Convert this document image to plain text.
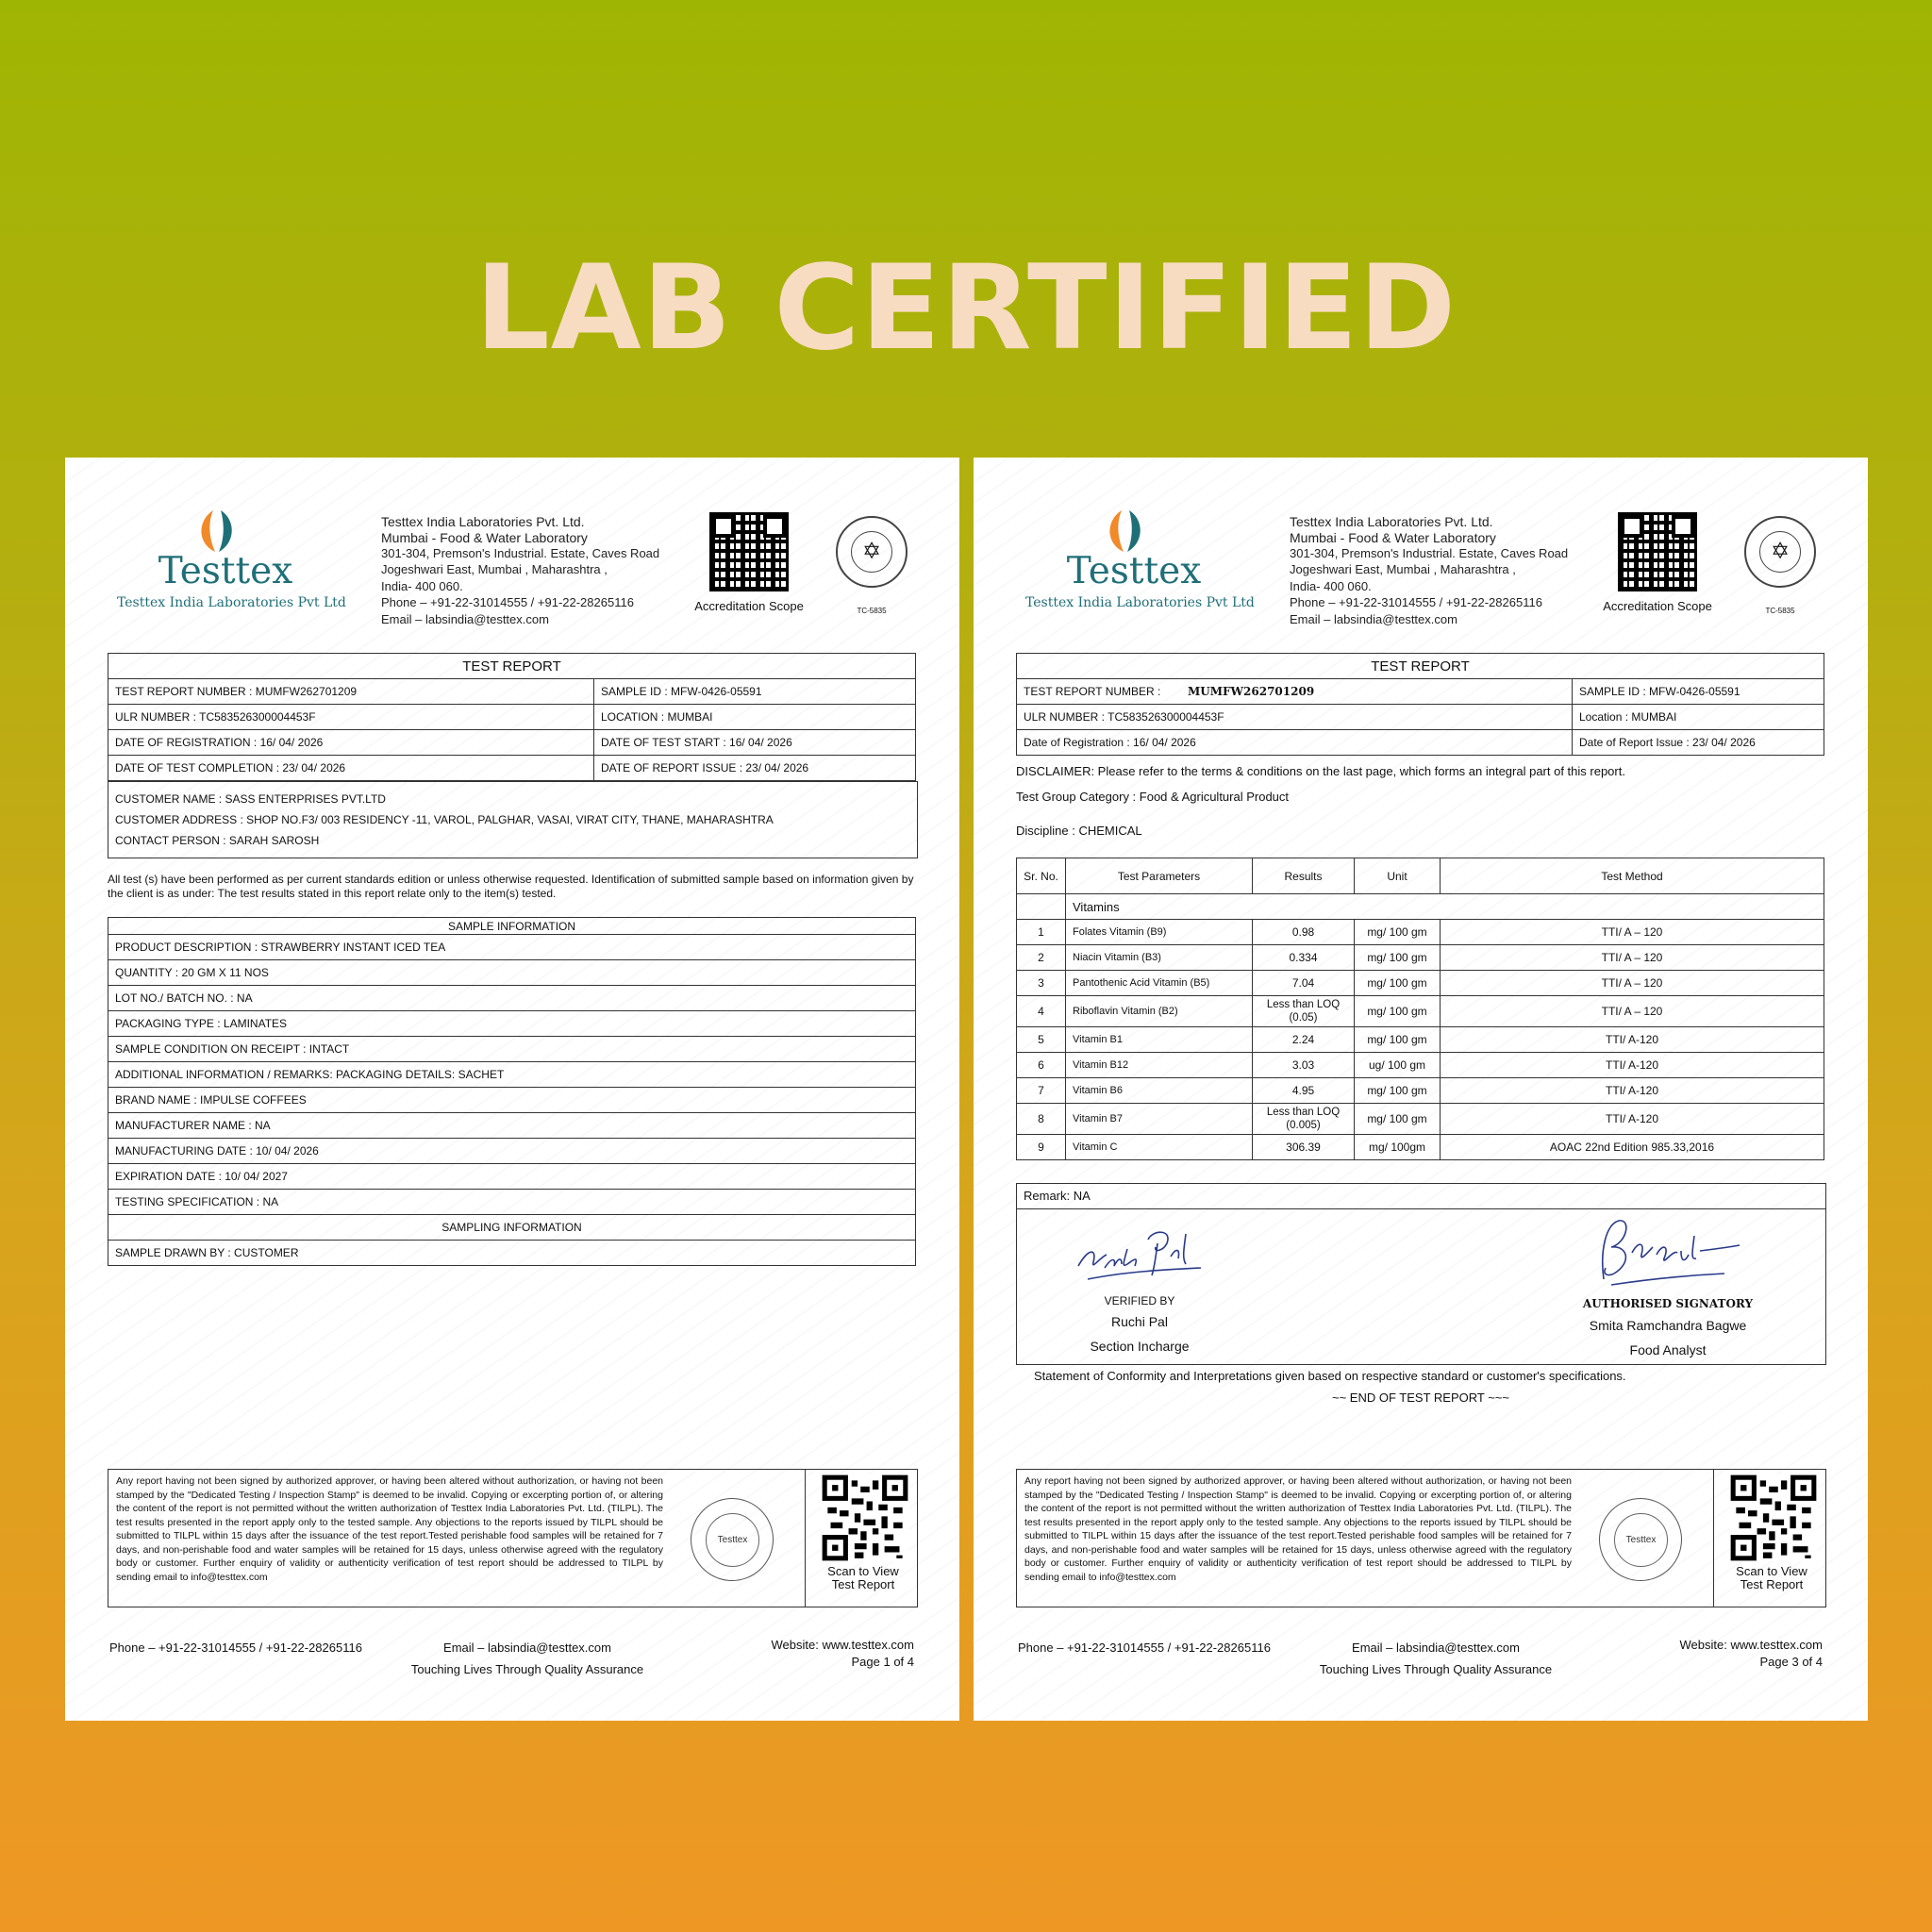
LAB CERTIFIED
Testtex
Testtex India Laboratories Pvt Ltd
Testtex India Laboratories Pvt. Ltd.
Mumbai - Food & Water Laboratory
301-304, Premson's Industrial. Estate, Caves Road
Jogeshwari East, Mumbai , Maharashtra ,
India- 400 060.
Phone – +91-22-31014555 / +91-22-28265116
Email – labsindia@testtex.com
Accreditation Scope
✡
TC-5835
TEST REPORT	
TEST REPORT NUMBER : MUMFW262701209	SAMPLE ID : MFW-0426-05591
ULR NUMBER : TC583526300004453F	LOCATION : MUMBAI
DATE OF REGISTRATION : 16/ 04/ 2026	DATE OF TEST START : 16/ 04/ 2026
DATE OF TEST COMPLETION : 23/ 04/ 2026	DATE OF REPORT ISSUE : 23/ 04/ 2026
CUSTOMER NAME : SASS ENTERPRISES PVT.LTD
CUSTOMER ADDRESS : SHOP NO.F3/ 003 RESIDENCY -11, VAROL, PALGHAR, VASAI, VIRAT CITY, THANE, MAHARASHTRA
CONTACT PERSON : SARAH SAROSH
All test (s) have been performed as per current standards edition or unless otherwise requested. Identification of submitted sample based on information given by the client is as under: The test results stated in this report relate only to the item(s) tested.
SAMPLE INFORMATION
PRODUCT DESCRIPTION : STRAWBERRY INSTANT ICED TEA
QUANTITY : 20 GM X 11 NOS
LOT NO./ BATCH NO. : NA
PACKAGING TYPE : LAMINATES
SAMPLE CONDITION ON RECEIPT : INTACT
ADDITIONAL INFORMATION / REMARKS: PACKAGING DETAILS: SACHET
BRAND NAME : IMPULSE COFFEES
MANUFACTURER NAME : NA
MANUFACTURING DATE : 10/ 04/ 2026
EXPIRATION DATE : 10/ 04/ 2027
TESTING SPECIFICATION : NA
SAMPLING INFORMATION
SAMPLE DRAWN BY : CUSTOMER
Any report having not been signed by authorized approver, or having been altered without authorization, or having not been stamped by the "Dedicated Testing / Inspection Stamp" is deemed to be invalid. Copying or excerpting portion of, or altering the content of the report is not permitted without the written authorization of Testtex India Laboratories Pvt. Ltd. (TILPL). The test results presented in the report apply only to the tested sample. Any objections to the reports issued by TILPL should be submitted to TILPL within 15 days after the issuance of the test report.Tested perishable food samples will be retained for 7 days, and non-perishable food and water samples will be retained for 15 days, unless otherwise agreed with the regulatory body or customer. Further enquiry of validity or authenticity verification of test report should be addressed to TILPL by sending email to info@testtex.com
Testtex
Scan to View
Test Report
Phone – +91-22-31014555 / +91-22-28265116	Email – labsindia@testtex.com
Touching Lives Through Quality Assurance
Website: www.testtex.com
Page 1 of 4
Testtex
Testtex India Laboratories Pvt Ltd
Testtex India Laboratories Pvt. Ltd.
Mumbai - Food & Water Laboratory
301-304, Premson's Industrial. Estate, Caves Road
Jogeshwari East, Mumbai , Maharashtra ,
India- 400 060.
Phone – +91-22-31014555 / +91-22-28265116
Email – labsindia@testtex.com
Accreditation Scope
✡
TC-5835
TEST REPORT		
TEST REPORT NUMBER :	MUMFW262701209	SAMPLE ID : MFW-0426-05591
ULR NUMBER : TC583526300004453F		Location : MUMBAI
Date of Registration : 16/ 04/ 2026		Date of Report Issue : 23/ 04/ 2026
DISCLAIMER: Please refer to the terms & conditions on the last page, which forms an integral part of this report.
Test Group Category : Food & Agricultural Product
Discipline : CHEMICAL
Sr. No.	Test Parameters	Results	Unit	Test Method
	Vitamins			
1	Folates Vitamin (B9)	0.98	mg/ 100 gm	TTI/ A – 120
2	Niacin Vitamin (B3)	0.334	mg/ 100 gm	TTI/ A – 120
3	Pantothenic Acid Vitamin (B5)	7.04	mg/ 100 gm	TTI/ A – 120
4	Riboflavin Vitamin (B2)	Less than LOQ (0.05)	mg/ 100 gm	TTI/ A – 120
5	Vitamin B1	2.24	mg/ 100 gm	TTI/ A-120
6	Vitamin B12	3.03	ug/ 100 gm	TTI/ A-120
7	Vitamin B6	4.95	mg/ 100 gm	TTI/ A-120
8	Vitamin B7	Less than LOQ (0.005)	mg/ 100 gm	TTI/ A-120
9	Vitamin C	306.39	mg/ 100gm	AOAC 22nd Edition 985.33,2016
Remark: NA
VERIFIED BY
Ruchi Pal
Section Incharge
AUTHORISED SIGNATORY
Smita Ramchandra Bagwe
Food Analyst
Statement of Conformity and Interpretations given based on respective standard or customer's specifications.
~~ END OF TEST REPORT ~~~
Any report having not been signed by authorized approver, or having been altered without authorization, or having not been stamped by the "Dedicated Testing / Inspection Stamp" is deemed to be invalid. Copying or excerpting portion of, or altering the content of the report is not permitted without the written authorization of Testtex India Laboratories Pvt. Ltd. (TILPL). The test results presented in the report apply only to the tested sample. Any objections to the reports issued by TILPL should be submitted to TILPL within 15 days after the issuance of the test report.Tested perishable food samples will be retained for 7 days, and non-perishable food and water samples will be retained for 15 days, unless otherwise agreed with the regulatory body or customer. Further enquiry of validity or authenticity verification of test report should be addressed to TILPL by sending email to info@testtex.com
Testtex
Scan to View
Test Report
Phone – +91-22-31014555 / +91-22-28265116	Email – labsindia@testtex.com
Touching Lives Through Quality Assurance
Website: www.testtex.com
Page 3 of 4
